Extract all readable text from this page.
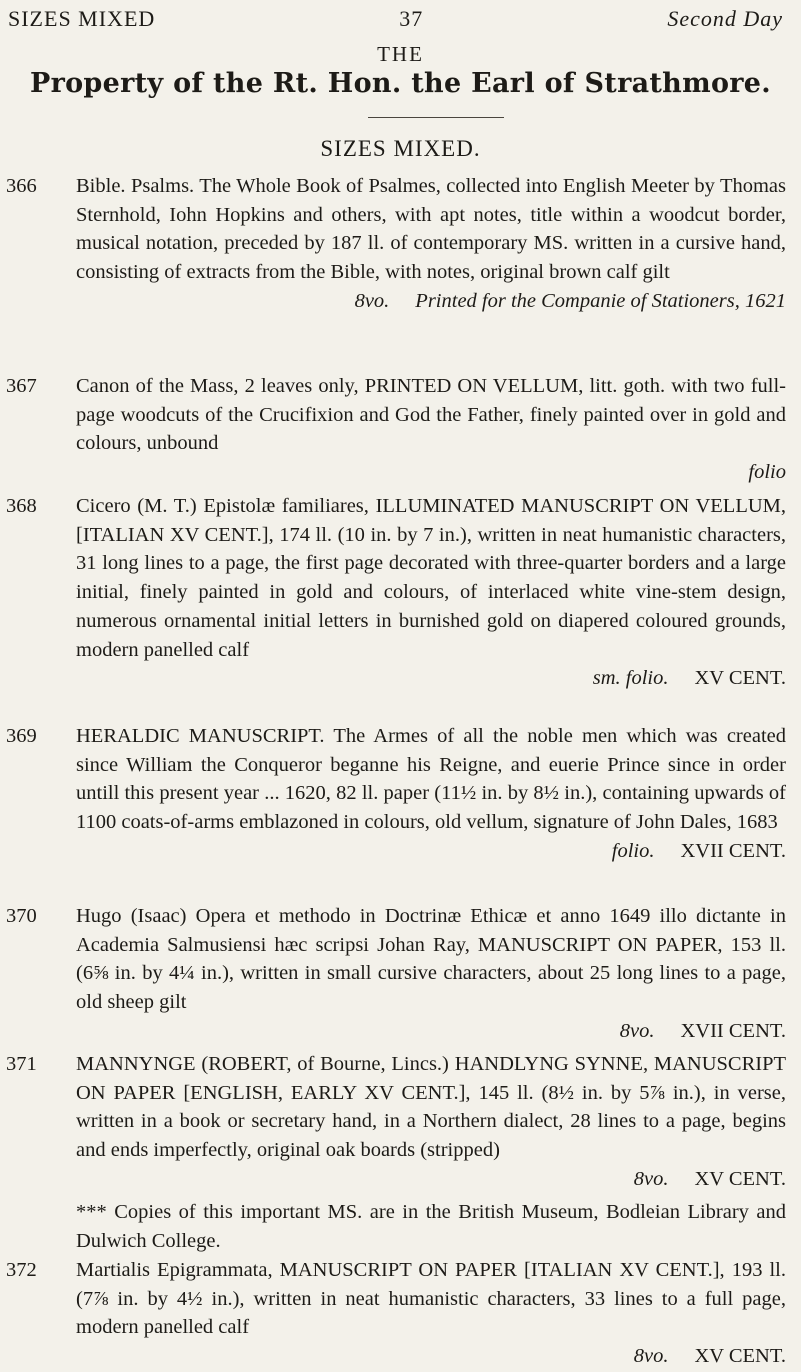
SIZES MIXED	37	Second Day
THE
Property of the Rt. Hon. the Earl of Strathmore.
SIZES MIXED.
366	Bible. Psalms. The Whole Book of Psalmes, collected into English Meeter by Thomas Sternhold, Iohn Hopkins and others, with apt notes, title within a woodcut border, musical notation, preceded by 187 ll. of contemporary MS. written in a cursive hand, consisting of extracts from the Bible, with notes, original brown calf gilt
8vo. Printed for the Companie of Stationers, 1621
367	Canon of the Mass, 2 leaves only, PRINTED ON VELLUM, litt. goth. with two full-page woodcuts of the Crucifixion and God the Father, finely painted over in gold and colours, unbound
folio
368	Cicero (M. T.) Epistolæ familiares, ILLUMINATED MANUSCRIPT ON VELLUM, [ITALIAN XV CENT.], 174 ll. (10 in. by 7 in.), written in neat humanistic characters, 31 long lines to a page, the first page decorated with three-quarter borders and a large initial, finely painted in gold and colours, of interlaced white vine-stem design, numerous ornamental initial letters in burnished gold on diapered coloured grounds, modern panelled calf
sm. folio. XV CENT.
369	HERALDIC MANUSCRIPT. The Armes of all the noble men which was created since William the Conqueror beganne his Reigne, and euerie Prince since in order untill this present year ... 1620, 82 ll. paper (11½ in. by 8½ in.), containing upwards of 1100 coats-of-arms emblazoned in colours, old vellum, signature of John Dales, 1683
folio. XVII CENT.
370	Hugo (Isaac) Opera et methodo in Doctrinæ Ethicæ et anno 1649 illo dictante in Academia Salmusiensi hæc scripsi Johan Ray, MANUSCRIPT ON PAPER, 153 ll. (6⅝ in. by 4¼ in.), written in small cursive characters, about 25 long lines to a page, old sheep gilt
8vo. XVII CENT.
371	MANNYNGE (ROBERT, of Bourne, Lincs.) HANDLYNG SYNNE, MANUSCRIPT ON PAPER [ENGLISH, EARLY XV CENT.], 145 ll. (8½ in. by 5⅞ in.), in verse, written in a book or secretary hand, in a Northern dialect, 28 lines to a page, begins and ends imperfectly, original oak boards (stripped)
8vo. XV CENT.
*** Copies of this important MS. are in the British Museum, Bodleian Library and Dulwich College.
372	Martialis Epigrammata, MANUSCRIPT ON PAPER [ITALIAN XV CENT.], 193 ll. (7⅞ in. by 4½ in.), written in neat humanistic characters, 33 lines to a full page, modern panelled calf
8vo. XV CENT.
